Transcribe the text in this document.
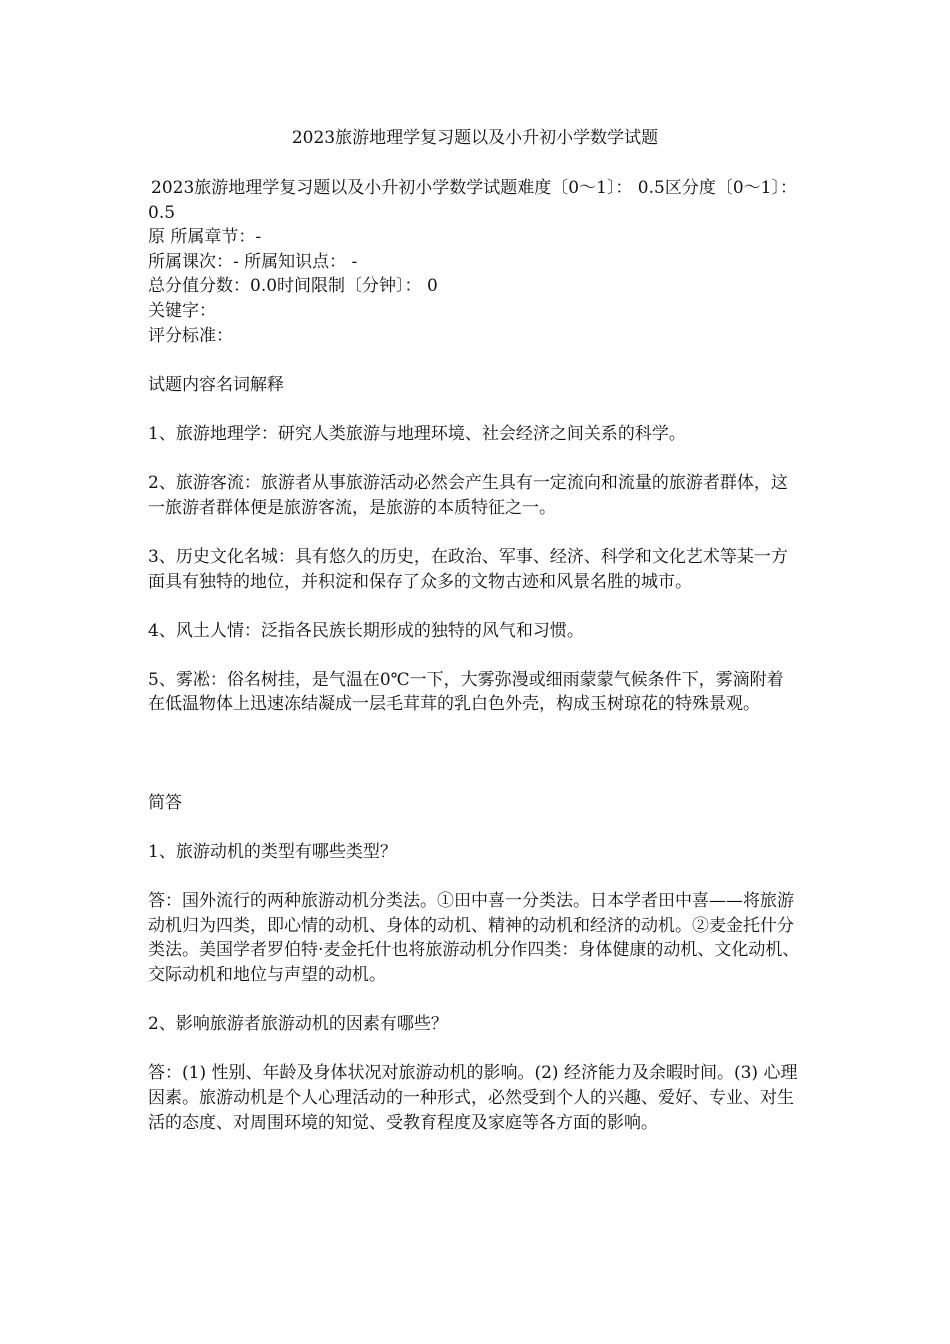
2023旅游地理学复习题以及小升初小学数学试题

2023旅游地理学复习题以及小升初小学数学试题难度〔0～1〕： 0.5区分度〔0～1〕： 0.5

原 所属章节：-

所属课次：- 所属知识点： -

总分值分数：0.0时间限制〔分钟〕： 0

关键字：

评分标准：

试题内容名词解释

1、旅游地理学：研究人类旅游与地理环境、社会经济之间关系的科学。

2、旅游客流：旅游者从事旅游活动必然会产生具有一定流向和流量的旅游者群体，这一旅游者群体便是旅游客流，是旅游的本质特征之一。

3、历史文化名城：具有悠久的历史，在政治、军事、经济、科学和文化艺术等某一方面具有独特的地位，并积淀和保存了众多的文物古迹和风景名胜的城市。

4、风土人情：泛指各民族长期形成的独特的风气和习惯。

5、雾凇：俗名树挂，是气温在0℃一下，大雾弥漫或细雨蒙蒙气候条件下，雾滴附着在低温物体上迅速冻结凝成一层毛茸茸的乳白色外壳，构成玉树琼花的特殊景观。

简答

1、旅游动机的类型有哪些类型？

答：国外流行的两种旅游动机分类法。①田中喜一分类法。日本学者田中喜——将旅游动机归为四类，即心情的动机、身体的动机、精神的动机和经济的动机。②麦金托什分类法。美国学者罗伯特·麦金托什也将旅游动机分作四类：身体健康的动机、文化动机、交际动机和地位与声望的动机。

2、影响旅游者旅游动机的因素有哪些？

答：(1) 性别、年龄及身体状况对旅游动机的影响。(2) 经济能力及余暇时间。(3) 心理因素。旅游动机是个人心理活动的一种形式，必然受到个人的兴趣、爱好、专业、对生活的态度、对周围环境的知觉、受教育程度及家庭等各方面的影响。
